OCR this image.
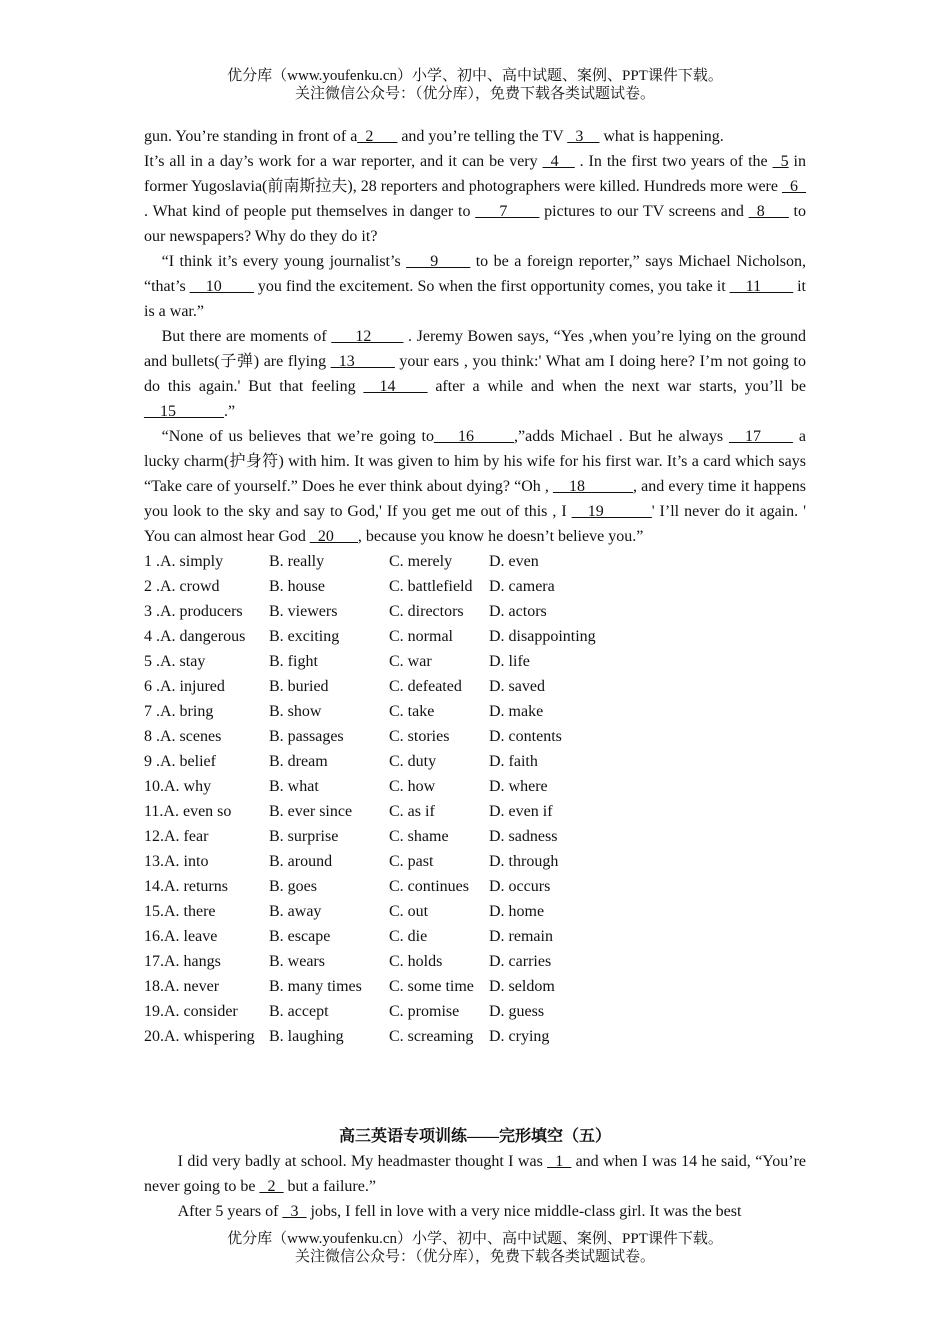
优分库（www.youfenku.cn）小学、初中、高中试题、案例、PPT课件下载。
关注微信公众号：（优分库），免费下载各类试题试卷。

gun. You’re standing in front of a_2___ and you’re telling the TV _3__ what is happening.

It’s all in a day’s work for a war reporter, and it can be very _4__ . In the first two years of the _5 in former Yugoslavia(前南斯拉夫), 28 reporters and photographers were killed. Hundreds more were _6_ . What kind of people put themselves in danger to ___7____ pictures to our TV screens and _8___ to our newspapers? Why do they do it?

“I think it’s every young journalist’s ___9____ to be a foreign reporter,” says Michael Nicholson, “that’s __10____ you find the excitement. So when the first opportunity comes, you take it __11____ it is a war.”

But there are moments of ___12____ . Jeremy Bowen says, “Yes ,when you’re lying on the ground and bullets(子弹) are flying _13_____ your ears , you think:' What am I doing here? I’m not going to do this again.' But that feeling __14____ after a while and when the next war starts, you’ll be __15______.”

“None of us believes that we’re going to___16_____,”adds Michael . But he always __17____ a lucky charm(护身符) with him. It was given to him by his wife for his first war. It’s a card which says “Take care of yourself.” Does he ever think about dying? “Oh , __18______, and every time it happens you look to the sky and say to God,' If you get me out of this , I __19______' I’ll never do it again. ' You can almost hear God _20___, because you know he doesn’t believe you.”

1 .A. simply	B. really	C. merely	D. even
2 .A. crowd	B. house	C. battlefield	D. camera
3 .A. producers	B. viewers	C. directors	D. actors
4 .A. dangerous	B. exciting	C. normal	D. disappointing
5 .A. stay	B. fight	C. war	D. life
6 .A. injured	B. buried	C. defeated	D. saved
7 .A. bring	B. show	C. take	D. make
8 .A. scenes	B. passages	C. stories	D. contents
9 .A. belief	B. dream	C. duty	D. faith
10.A. why	B. what	C. how	D. where
11.A. even so	B. ever since	C. as if	D. even if
12.A. fear	B. surprise	C. shame	D. sadness
13.A. into	B. around	C. past	D. through
14.A. returns	B. goes	C. continues	D. occurs
15.A. there	B. away	C. out	D. home
16.A. leave	B. escape	C. die	D. remain
17.A. hangs	B. wears	C. holds	D. carries
18.A. never	B. many times	C. some time D. seldom
19.A. consider	B. accept	C. promise	D. guess
20.A. whispering B. laughing	C. screaming D. crying

高三英语专项训练——完形填空（五）

I did very badly at school. My headmaster thought I was _1_ and when I was 14 he said, “You’re never going to be _2_ but a failure.”

After 5 years of _3_ jobs, I fell in love with a very nice middle-class girl. It was the best

优分库（www.youfenku.cn）小学、初中、高中试题、案例、PPT课件下载。
关注微信公众号：（优分库），免费下载各类试题试卷。
